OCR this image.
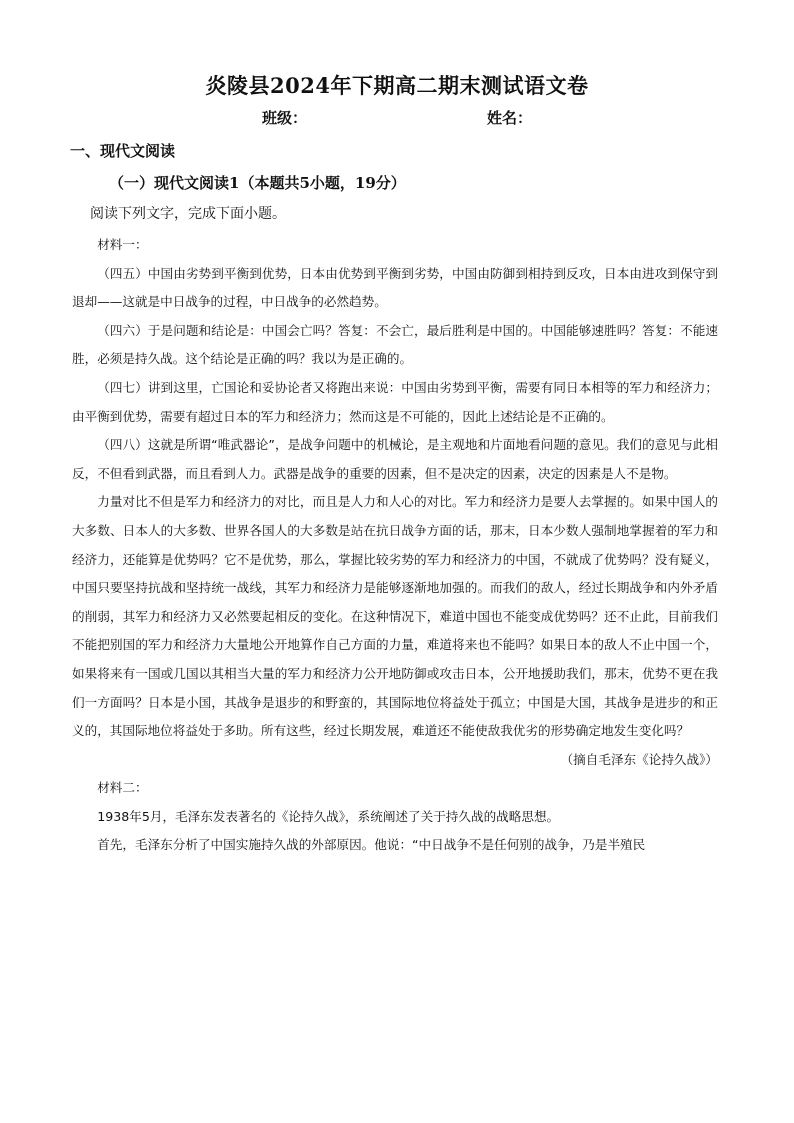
炎陵县2024年下期高二期末测试语文卷
班级：	姓名：
一、现代文阅读
（一）现代文阅读1（本题共5小题，19分）
阅读下列文字，完成下面小题。

材料一：

（四五）中国由劣势到平衡到优势，日本由优势到平衡到劣势，中国由防御到相持到反攻，日本由进攻到保守到退却——这就是中日战争的过程，中日战争的必然趋势。

（四六）于是问题和结论是：中国会亡吗？答复：不会亡，最后胜利是中国的。中国能够速胜吗？答复：不能速胜，必须是持久战。这个结论是正确的吗？我以为是正确的。

（四七）讲到这里，亡国论和妥协论者又将跑出来说：中国由劣势到平衡，需要有同日本相等的军力和经济力；由平衡到优势，需要有超过日本的军力和经济力；然而这是不可能的，因此上述结论是不正确的。

（四八）这就是所谓“唯武器论”，是战争问题中的机械论，是主观地和片面地看问题的意见。我们的意见与此相反，不但看到武器，而且看到人力。武器是战争的重要的因素，但不是决定的因素，决定的因素是人不是物。

力量对比不但是军力和经济力的对比，而且是人力和人心的对比。军力和经济力是要人去掌握的。如果中国人的大多数、日本人的大多数、世界各国人的大多数是站在抗日战争方面的话，那末，日本少数人强制地掌握着的军力和经济力，还能算是优势吗？它不是优势，那么，掌握比较劣势的军力和经济力的中国，不就成了优势吗？没有疑义，中国只要坚持抗战和坚持统一战线，其军力和经济力是能够逐渐地加强的。而我们的敌人，经过长期战争和内外矛盾的削弱，其军力和经济力又必然要起相反的变化。在这种情况下，难道中国也不能变成优势吗？还不止此，目前我们不能把别国的军力和经济力大量地公开地算作自己方面的力量，难道将来也不能吗？如果日本的敌人不止中国一个，如果将来有一国或几国以其相当大量的军力和经济力公开地防御或攻击日本，公开地援助我们，那末，优势不更在我们一方面吗？日本是小国，其战争是退步的和野蛮的，其国际地位将益处于孤立；中国是大国，其战争是进步的和正义的，其国际地位将益处于多助。所有这些，经过长期发展，难道还不能使敌我优劣的形势确定地发生变化吗？

（摘自毛泽东《论持久战》）

材料二：

1938年5月，毛泽东发表著名的《论持久战》，系统阐述了关于持久战的战略思想。

首先，毛泽东分析了中国实施持久战的外部原因。他说：“中日战争不是任何别的战争，乃是半殖民
